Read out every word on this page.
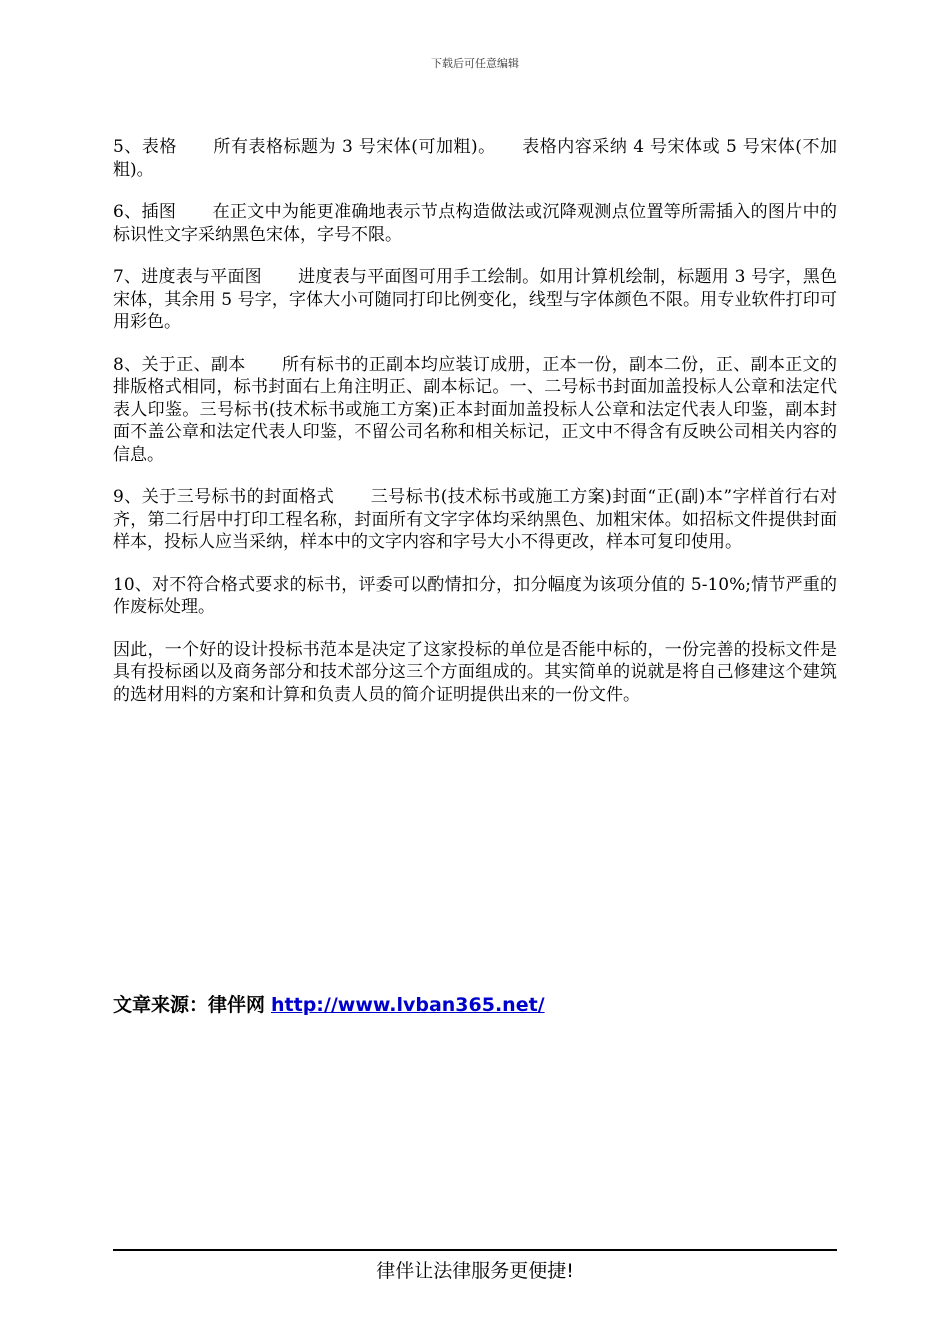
下载后可任意编辑

5、表格 所有表格标题为 3 号宋体(可加粗)。　　表格内容采纳 4 号宋体或 5 号宋体(不加粗)。

6、插图 在正文中为能更准确地表示节点构造做法或沉降观测点位置等所需插入的图片中的标识性文字采纳黑色宋体，字号不限。

7、进度表与平面图 进度表与平面图可用手工绘制。如用计算机绘制，标题用 3 号字，黑色宋体，其余用 5 号字，字体大小可随同打印比例变化，线型与字体颜色不限。用专业软件打印可用彩色。

8、关于正、副本 所有标书的正副本均应装订成册，正本一份，副本二份，正、副本正文的排版格式相同，标书封面右上角注明正、副本标记。一、二号标书封面加盖投标人公章和法定代表人印鉴。三号标书(技术标书或施工方案)正本封面加盖投标人公章和法定代表人印鉴，副本封面不盖公章和法定代表人印鉴，不留公司名称和相关标记，正文中不得含有反映公司相关内容的信息。

9、关于三号标书的封面格式 三号标书(技术标书或施工方案)封面“正(副)本”字样首行右对齐，第二行居中打印工程名称，封面所有文字字体均采纳黑色、加粗宋体。如招标文件提供封面样本，投标人应当采纳，样本中的文字内容和字号大小不得更改，样本可复印使用。

10、对不符合格式要求的标书，评委可以酌情扣分，扣分幅度为该项分值的 5-10%;情节严重的作废标处理。

因此，一个好的设计投标书范本是决定了这家投标的单位是否能中标的，一份完善的投标文件是具有投标函以及商务部分和技术部分这三个方面组成的。其实简单的说就是将自己修建这个建筑的选材用料的方案和计算和负责人员的简介证明提供出来的一份文件。

文章来源：律伴网 http://www.lvban365.net/
律伴让法律服务更便捷!
